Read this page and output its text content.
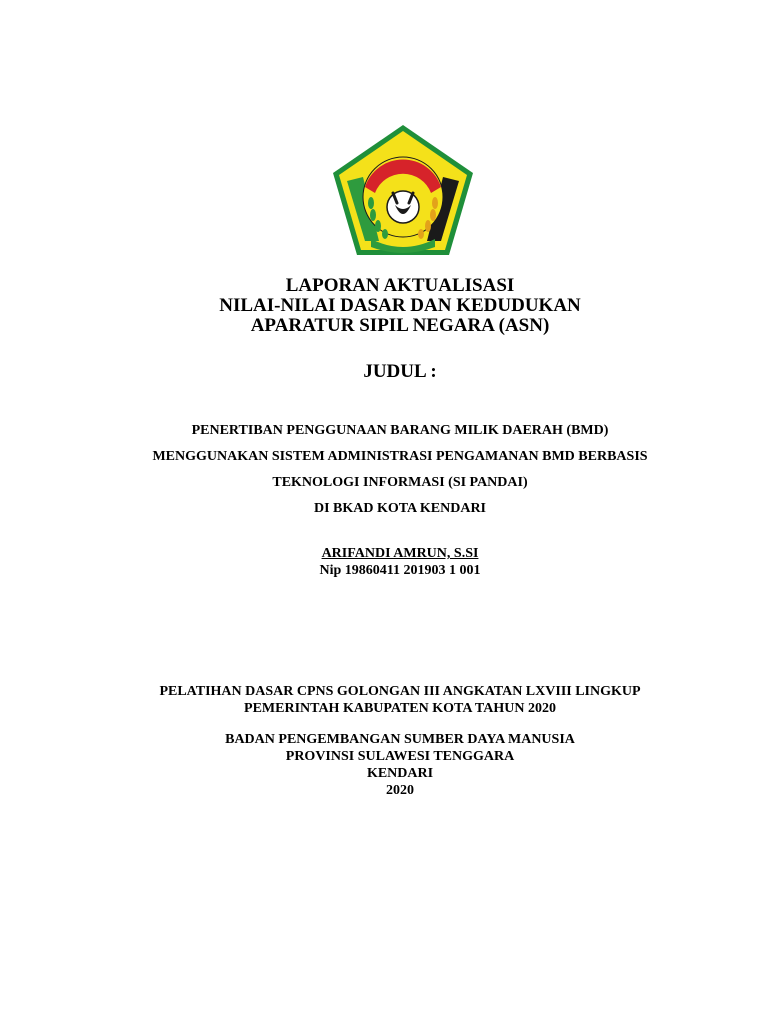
LAPORAN AKTUALISASI
NILAI-NILAI DASAR DAN KEDUDUKAN
APARATUR SIPIL NEGARA (ASN)
JUDUL :
PENERTIBAN PENGGUNAAN BARANG MILIK DAERAH (BMD)
MENGGUNAKAN SISTEM ADMINISTRASI PENGAMANAN BMD BERBASIS
TEKNOLOGI INFORMASI (SI PANDAI)
DI BKAD KOTA KENDARI
ARIFANDI AMRUN, S.SI
Nip 19860411 201903 1 001
PELATIHAN DASAR CPNS GOLONGAN III ANGKATAN LXVIII LINGKUP
PEMERINTAH KABUPATEN KOTA TAHUN 2020
BADAN PENGEMBANGAN SUMBER DAYA MANUSIA
PROVINSI SULAWESI TENGGARA
KENDARI
2020
